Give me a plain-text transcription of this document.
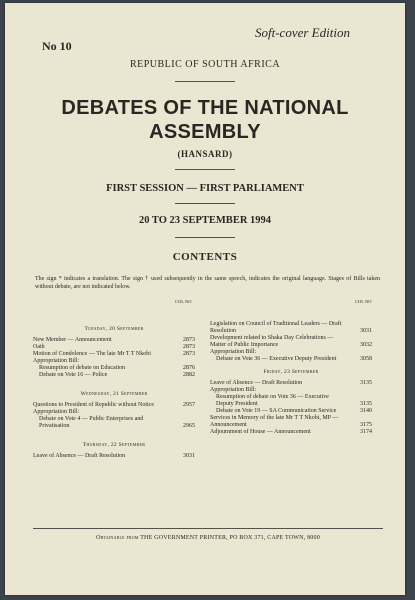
Soft-cover Edition
No 10
REPUBLIC OF SOUTH AFRICA
DEBATES OF THE NATIONAL
ASSEMBLY
(HANSARD)
FIRST SESSION — FIRST PARLIAMENT
20 TO 23 SEPTEMBER 1994
CONTENTS
The sign * indicates a translation. The sign † used subsequently in the same speech, indicates the original language. Stages of Bills taken without debate, are not indicated below.
COL NO	COL NO
Tuesday, 20 September
New Member — Announcement	2873
Oath	2873
Motion of Condolence — The late Mr T T Nkobi	2873
Appropriation Bill:
Resumption of debate on Education	2876
Debate on Vote 16 — Police	2882
Wednesday, 21 September
Questions to President of Republic without Notice	2957
Appropriation Bill:
Debate on Vote 4 — Public Enterprises and Privatisation	2965
Thursday, 22 September
Leave of Absence — Draft Resolution	3031
Legislation on Council of Traditional Leaders — Draft Resolution	3031
Development related to Shaka Day Celebrations — Matter of Public Importance	3032
Appropriation Bill:
Debate on Vote 36 — Executive Deputy President	3058
Friday, 23 September
Leave of Absence — Draft Resolution	3135
Appropriation Bill:
Resumption of debate on Vote 36 — Executive Deputy President	3135
Debate on Vote 19 — SA Communication Service	3140
Services in Memory of the late Mr T T Nkobi, MP — Announcement	3175
Adjournment of House — Announcement	3174
Obtainable from THE GOVERNMENT PRINTER, PO BOX 371, CAPE TOWN, 8000
